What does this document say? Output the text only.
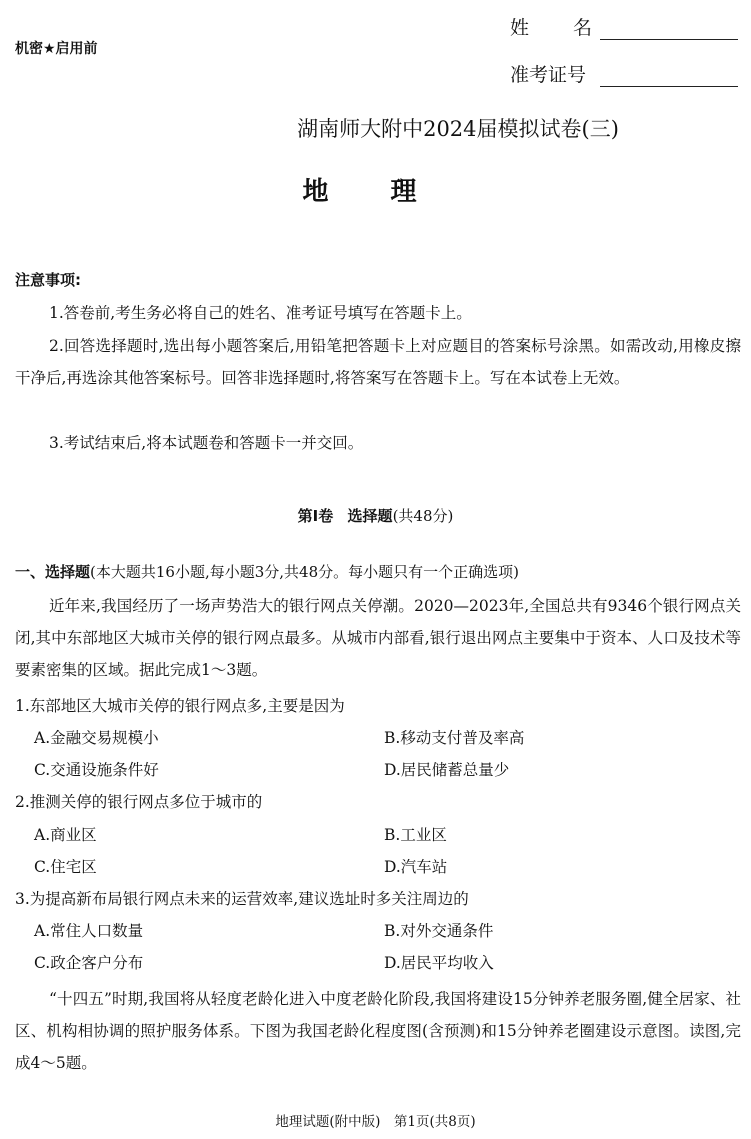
机密★启用前
姓名
准考证号
湖南师大附中2024届模拟试卷(三)
地理
注意事项:
1.答卷前,考生务必将自己的姓名、准考证号填写在答题卡上。
2.回答选择题时,选出每小题答案后,用铅笔把答题卡上对应题目的答案标号涂黑。如需改动,用橡皮擦干净后,再选涂其他答案标号。回答非选择题时,将答案写在答题卡上。写在本试卷上无效。
3.考试结束后,将本试题卷和答题卡一并交回。
第Ⅰ卷 选择题(共48分)
一、选择题(本大题共16小题,每小题3分,共48分。每小题只有一个正确选项)
近年来,我国经历了一场声势浩大的银行网点关停潮。2020—2023年,全国总共有9346个银行网点关闭,其中东部地区大城市关停的银行网点最多。从城市内部看,银行退出网点主要集中于资本、人口及技术等要素密集的区域。据此完成1～3题。
1.东部地区大城市关停的银行网点多,主要是因为
A.金融交易规模小	B.移动支付普及率高
C.交通设施条件好	D.居民储蓄总量少
2.推测关停的银行网点多位于城市的
A.商业区	B.工业区
C.住宅区	D.汽车站
3.为提高新布局银行网点未来的运营效率,建议选址时多关注周边的
A.常住人口数量	B.对外交通条件
C.政企客户分布	D.居民平均收入
“十四五”时期,我国将从轻度老龄化进入中度老龄化阶段,我国将建设15分钟养老服务圈,健全居家、社区、机构相协调的照护服务体系。下图为我国老龄化程度图(含预测)和15分钟养老圈建设示意图。读图,完成4～5题。
地理试题(附中版)　第1页(共8页)
